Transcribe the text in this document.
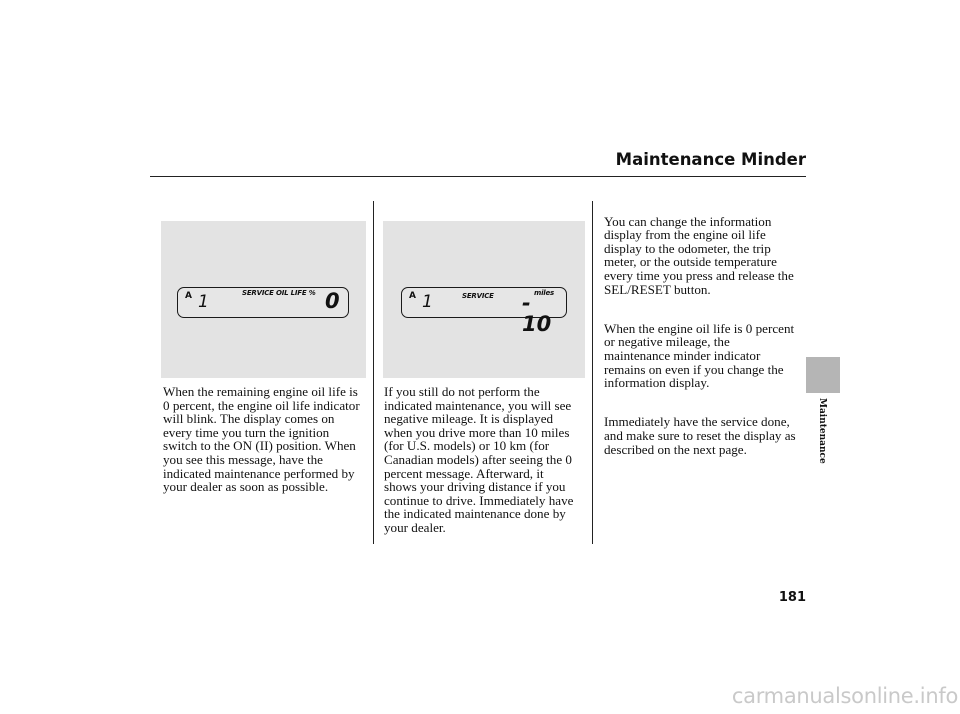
Maintenance Minder
A 1	SERVICE OIL LIFE % 0	A 1	SERVICE	miles
- 10
When the remaining engine oil life is
0 percent, the engine oil life indicator
will blink. The display comes on
every time you turn the ignition
switch to the ON (II) position. When
you see this message, have the
indicated maintenance performed by
your dealer as soon as possible.
If you still do not perform the
indicated maintenance, you will see
negative mileage. It is displayed
when you drive more than 10 miles
(for U.S. models) or 10 km (for
Canadian models) after seeing the 0
percent message. Afterward, it
shows your driving distance if you
continue to drive. Immediately have
the indicated maintenance done by
your dealer.

You can change the information
display from the engine oil life
display to the odometer, the trip
meter, or the outside temperature
every time you press and release the
SEL/RESET button.

When the engine oil life is 0 percent
or negative mileage, the
maintenance minder indicator
remains on even if you change the
information display.

Immediately have the service done,
and make sure to reset the display as
described on the next page.	Maintenance
181
carmanualsonline.info
